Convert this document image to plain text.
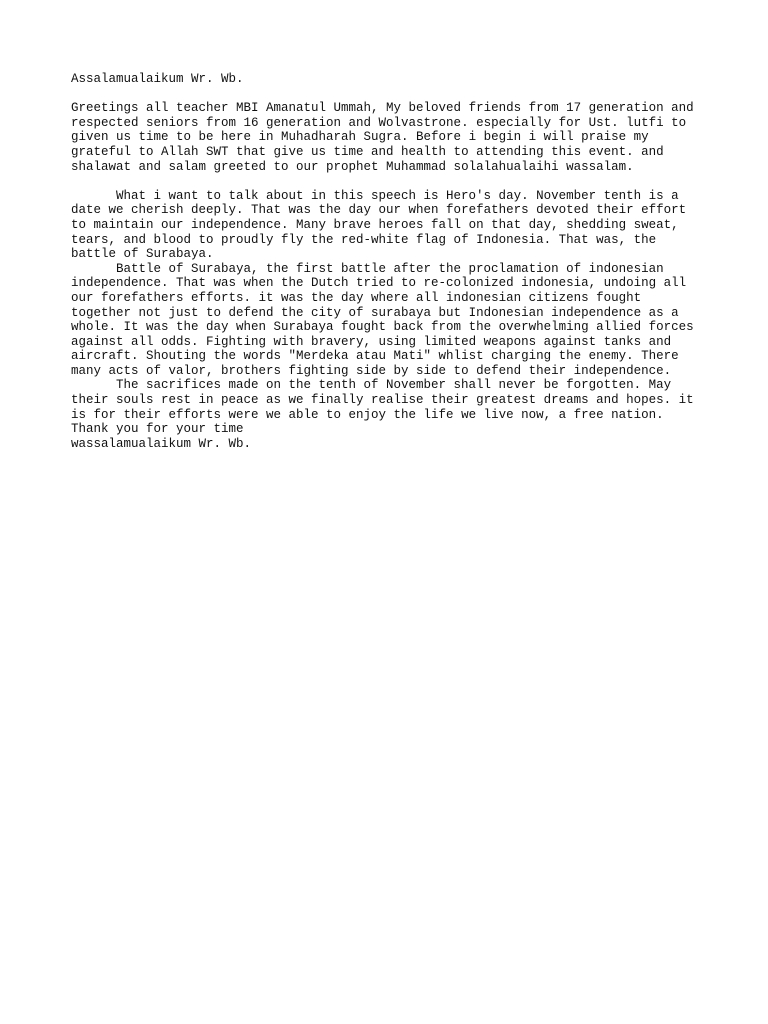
Assalamualaikum Wr. Wb.
Greetings all teacher MBI Amanatul Ummah, My beloved friends from 17 generation and
respected seniors from 16 generation and Wolvastrone. especially for Ust. lutfi to
given us time to be here in Muhadharah Sugra. Before i begin i will praise my
grateful to Allah SWT that give us time and health to attending this event. and
shalawat and salam greeted to our prophet Muhammad solalahualaihi wassalam.
What i want to talk about in this speech is Hero's day. November tenth is a
date we cherish deeply. That was the day our when forefathers devoted their effort
to maintain our independence. Many brave heroes fall on that day, shedding sweat,
tears, and blood to proudly fly the red-white flag of Indonesia. That was, the
battle of Surabaya.
Battle of Surabaya, the first battle after the proclamation of indonesian
independence. That was when the Dutch tried to re-colonized indonesia, undoing all
our forefathers efforts. it was the day where all indonesian citizens fought
together not just to defend the city of surabaya but Indonesian independence as a
whole. It was the day when Surabaya fought back from the overwhelming allied forces
against all odds. Fighting with bravery, using limited weapons against tanks and
aircraft. Shouting the words "Merdeka atau Mati" whlist charging the enemy. There
many acts of valor, brothers fighting side by side to defend their independence.
The sacrifices made on the tenth of November shall never be forgotten. May
their souls rest in peace as we finally realise their greatest dreams and hopes. it
is for their efforts were we able to enjoy the life we live now, a free nation.
Thank you for your time
wassalamualaikum Wr. Wb.
